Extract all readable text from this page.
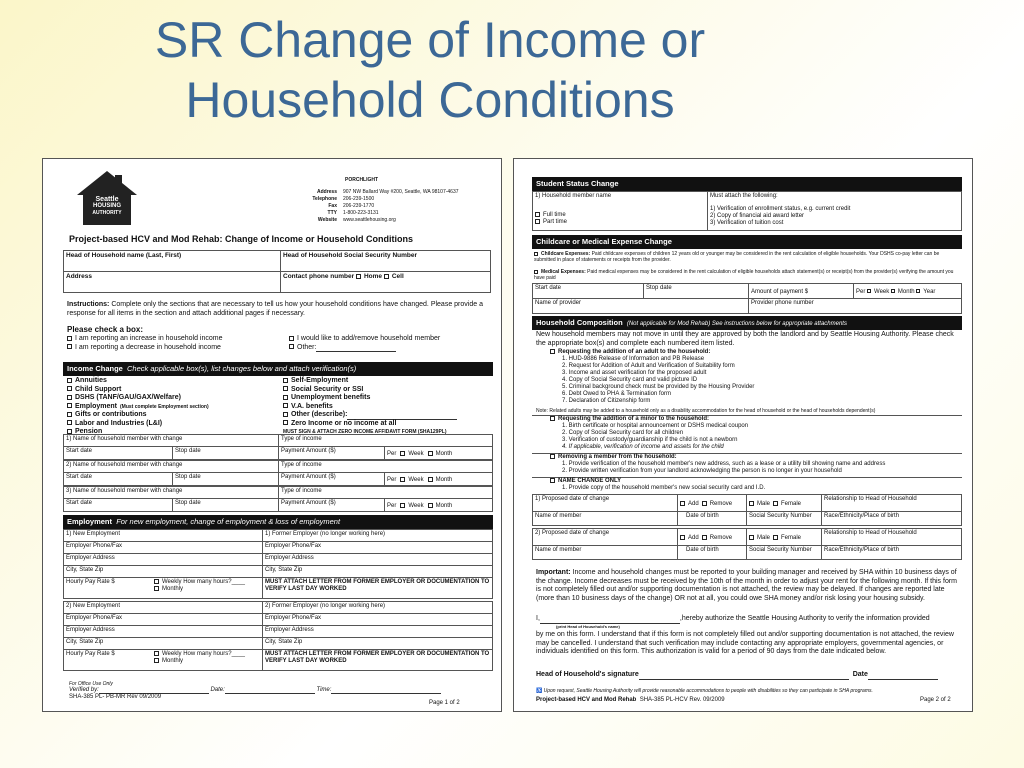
SR Change of Income or
Household Conditions
Seattle
HOUSING
AUTHORITY
PORCHLIGHT
Address 907 NW Ballard Way #200, Seattle, WA 98107-4637
Telephone 206-239-1500
Fax 206-239-1770
TTY 1-800-223-3131
Website www.seattlehousing.org
Project-based HCV and Mod Rehab: Change of Income or Household Conditions
Head of Household name (Last, First)	Head of Household Social Security Number
Address	Contact phone number Home Cell
Instructions: Complete only the sections that are necessary to tell us how your household conditions have changed. Please provide a response for all items in the section and attach additional pages if necessary.
Please check a box:
I am reporting an increase in household income
I am reporting a decrease in household income
I would like to add/remove household member
Other:
Income Change Check applicable box(s), list changes below and attach verification(s)
Annuities
Child Support
DSHS (TANF/GAU/GAX/Welfare)
Employment (Must complete Employment section)
Gifts or contributions
Labor and Industries (L&I)
Pension
Self-Employment
Social Security or SSI
Unemployment benefits
V.A. benefits
Other (describe):
Zero Income or no income at all
MUST SIGN & ATTACH ZERO INCOME AFFIDAVIT FORM (SHA129PL)
1) Name of household member with change	Type of income
Start date	Stop date	Payment Amount ($)
Per Week Month
2) Name of household member with change	Type of income
Start date	Stop date	Payment Amount ($)
Per Week Month
3) Name of household member with change	Type of income
Start date	Stop date	Payment Amount ($)
Per Week Month
Employment For new employment, change of employment & loss of employment
1) New Employment	1) Former Employer (no longer working here)
Employer Phone/Fax	Employer Phone/Fax
Employer Address	Employer Address
City, State Zip	City, State Zip
Hourly Pay Rate $	Weekly How many hours?____
Monthly
MUST ATTACH LETTER FROM FORMER EMPLOYER OR DOCUMENTATION TO VERIFY LAST DAY WORKED
2) New Employment	2) Former Employer (no longer working here)
Employer Phone/Fax	Employer Phone/Fax
Employer Address	Employer Address
City, State Zip	City, State Zip
Hourly Pay Rate $	Weekly How many hours?____
Monthly
MUST ATTACH LETTER FROM FORMER EMPLOYER OR DOCUMENTATION TO VERIFY LAST DAY WORKED
For Office Use Only
Verified by:	Date:	Time:
SHA-385 PL- PB-MR Rev 09/2009
Page 1 of 2
Student Status Change
1) Household member name
Full time
Part time
Must attach the following:
1) Verification of enrollment status, e.g. current credit
2) Copy of financial aid award letter
3) Verification of tuition cost
Childcare or Medical Expense Change
Childcare Expenses: Paid childcare expenses of children 12 years old or younger may be considered in the rent calculation of eligible households. Your DSHS co-pay letter can be submitted in place of statements or receipts from the provider.
Medical Expenses: Paid medical expenses may be considered in the rent calculation of eligible households attach statement(s) or receipt(s) from the provider(s) verifying the amount you have paid
Start date	Stop date
Amount of payment $	Per Week Month Year
Name of provider	Provider phone number
Household Composition (Not applicable for Mod Rehab) See instructions below for appropriate attachments
New household members may not move in until they are approved by both the landlord and by Seattle Housing Authority. Please check the appropriate box(s) and complete each numbered item listed.
Requesting the addition of an adult to the household:
1. HUD-9886 Release of Information and PB Release
2. Request for Addition of Adult and Verification of Suitability form
3. Income and asset verification for the proposed adult
4. Copy of Social Security card and valid picture ID
5. Criminal background check must be provided by the Housing Provider
6. Debt Owed to PHA & Termination form
7. Declaration of Citizenship form
Note: Related adults may be added to a household only as a disability accommodation for the head of household or the head of households dependent(s)
Requesting the addition of a minor to the household:
1. Birth certificate or hospital announcement or DSHS medical coupon
2. Copy of Social Security card for all children
3. Verification of custody/guardianship if the child is not a newborn
4. If applicable, verification of income and assets for the child
Removing a member from the household:
1. Provide verification of the household member's new address, such as a lease or a utility bill showing name and address
2. Provide written verification from your landlord acknowledging the person is no longer in your household
NAME CHANGE ONLY
1. Provide copy of the household member's new social security card and I.D.
1) Proposed date of change
Add Remove	Male Female
Relationship to Head of Household
Name of member	Date of birth	Social Security Number	Race/Ethnicity/Place of birth
2) Proposed date of change
Add Remove	Male Female
Relationship to Head of Household
Name of member	Date of birth	Social Security Number	Race/Ethnicity/Place of birth
Important: Income and household changes must be reported to your building manager and received by SHA within 10 business days of the change. Income decreases must be received by the 10th of the month in order to adjust your rent for the following month. If this form is not completely filled out and/or supporting documentation is not attached, the review may be delayed. If changes are reported late (more than 10 business days of the change) OR not at all, you could owe SHA money and/or risk losing your housing subsidy.
I,	,hereby authorize the Seattle Housing Authority to verify the information provided
(print Head of Household's name)
by me on this form. I understand that if this form is not completely filled out and/or supporting documentation is not attached, the review may be cancelled. I understand that such verification may include contacting any appropriate employers, governmental agencies, or individuals identified on this form. This authorization is valid for a period of 90 days from the date indicated below.
Head of Household's signature	Date
♿ Upon request, Seattle Housing Authority will provide reasonable accommodations to people with disabilities so they can participate in SHA programs.
Project-based HCV and Mod Rehab SHA-385 PL-HCV Rev. 09/2009	Page 2 of 2
